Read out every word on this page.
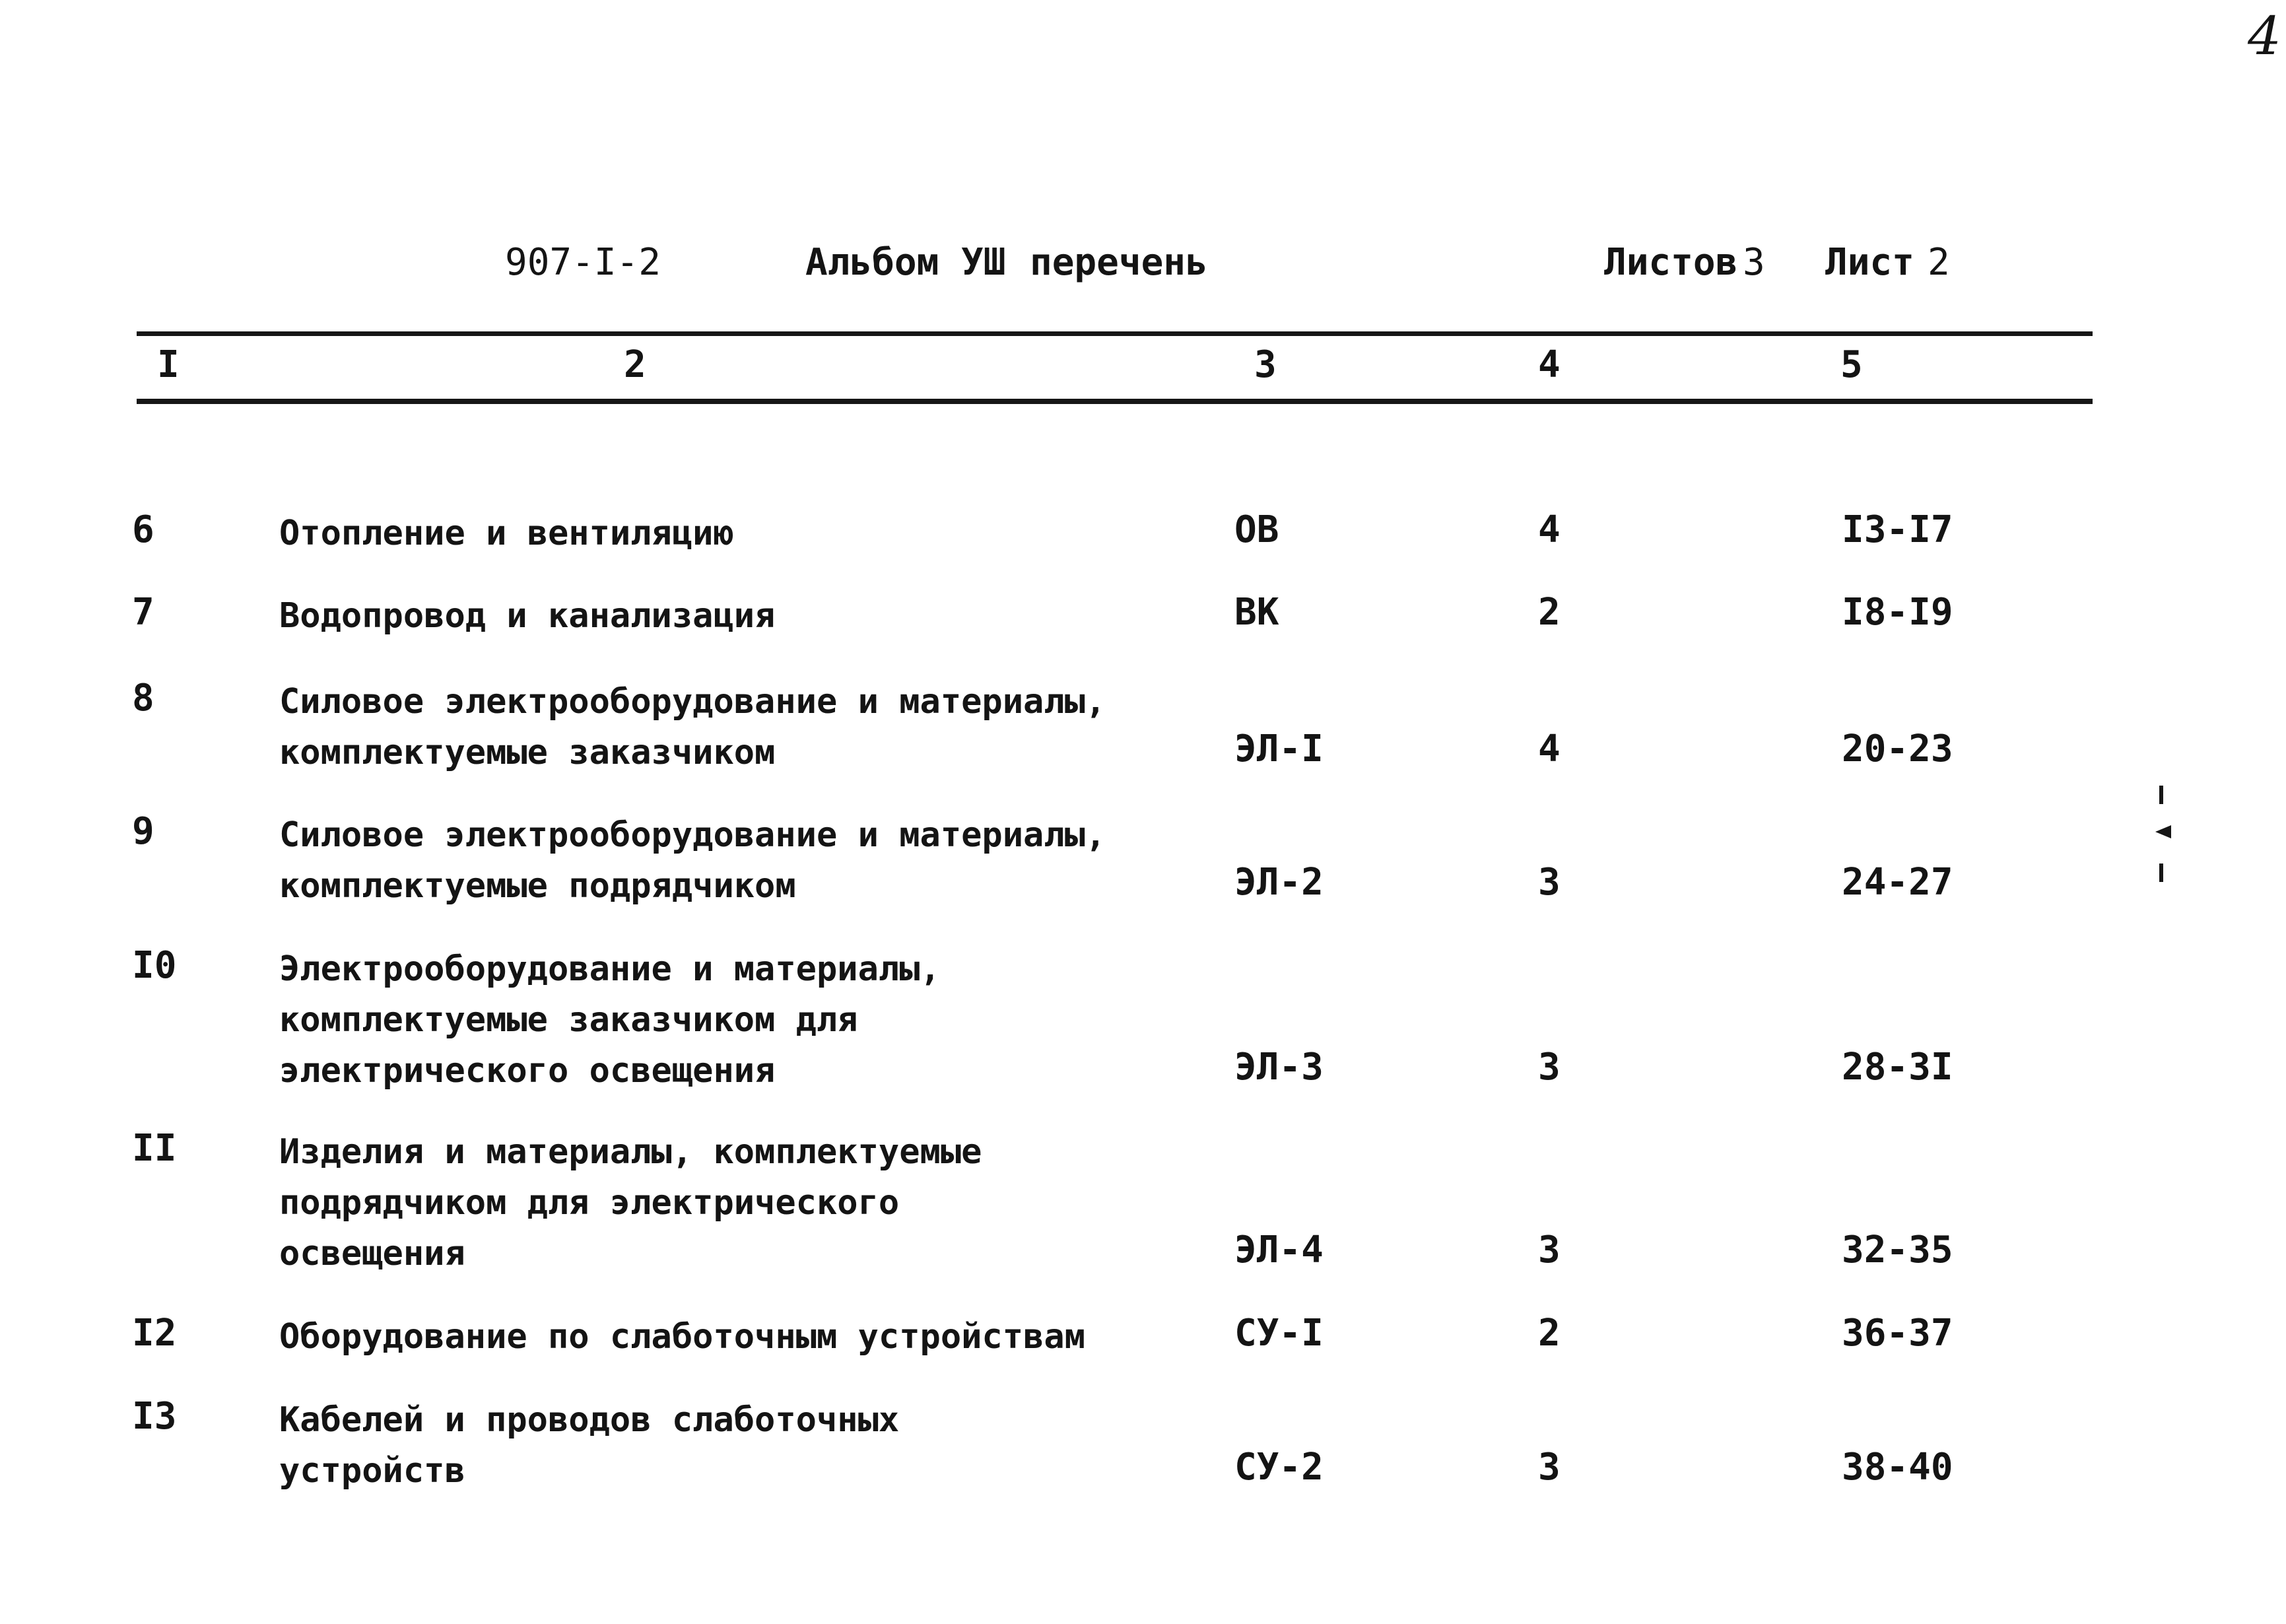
4
907-I-2	Альбом УШ перечень	Листов 3 Лист 2
I	2	3	4	5
6	Отопление и вентиляцию	ОВ	4	I3-I7
7	Водопровод и канализация	ВК	2	I8-I9
8	Силовое электрооборудование и материалы,
комплектуемые заказчиком	ЭЛ-I	4	20-23
9	Силовое электрооборудование и материалы,
комплектуемые подрядчиком	ЭЛ-2	3	24-27
I0	Электрооборудование и материалы,
комплектуемые заказчиком для
электрического освещения	ЭЛ-3	3	28-3I
II	Изделия и материалы, комплектуемые
подрядчиком для электрического
освещения	ЭЛ-4	3	32-35
I2	Оборудование по слаботочным устройствам	СУ-I	2	36-37
I3	Кабелей и проводов слаботочных
устройств	СУ-2	3	38-40
